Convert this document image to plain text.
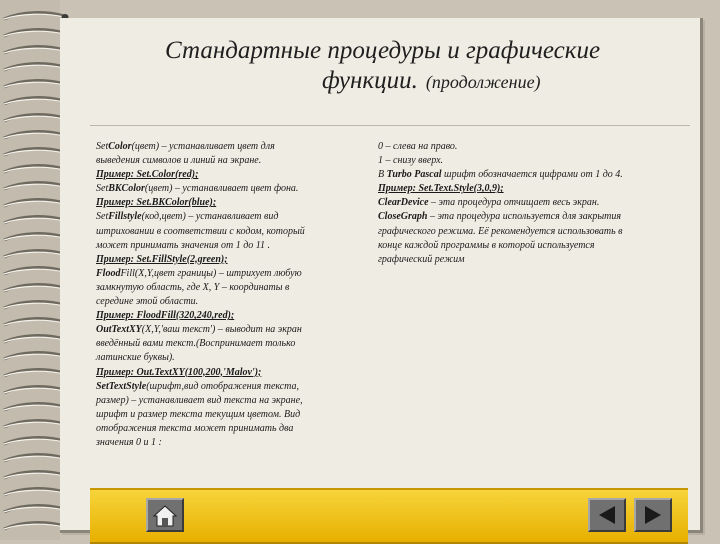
Стандартные процедуры и графические
функции. (продолжение)
SetColor(цвет) – устанавливает цвет для
выведения символов и линий на экране.
Пример: Set.Color(red);
SetBKColor(цвет) – устанавливает цвет фона.
Пример: Set.BKColor(blue);
SetFillstyle(код,цвет) – устанавливает вид
штриховании в соответствии с кодом, который
может принимать значения от 1 до 11 .
Пример: Set.FillStyle(2,green);
FloodFill(X,Y,цвет границы) – штрихует любую
замкнутую область, где X, Y – координаты в
середине этой области.
Пример: FloodFill(320,240,red);
OutTextXY(X,Y,'ваш текст') – выводит на экран
введённый вами текст.(Воспринимает только
латинские буквы).
Пример: Out.TextXY(100,200,'Malov');
SetTextStyle(шрифт,вид отображения текста,
размер) – устанавливает вид текста на экране,
шрифт и размер текста текущим цветом. Вид
отображения текста может принимать два
значения 0 и 1 :
0 – слева на право.
1 – снизу вверх.
В Turbo Pascal шрифт обозначается цифрами от 1 до 4.
Пример: Set.Text.Style(3,0,9);
ClearDevice – эта процедура отчищает весь экран.
CloseGraph – эта процедура используется для закрытия
графического режима. Её рекомендуется использовать в
конце каждой программы в которой используется
графический режим
